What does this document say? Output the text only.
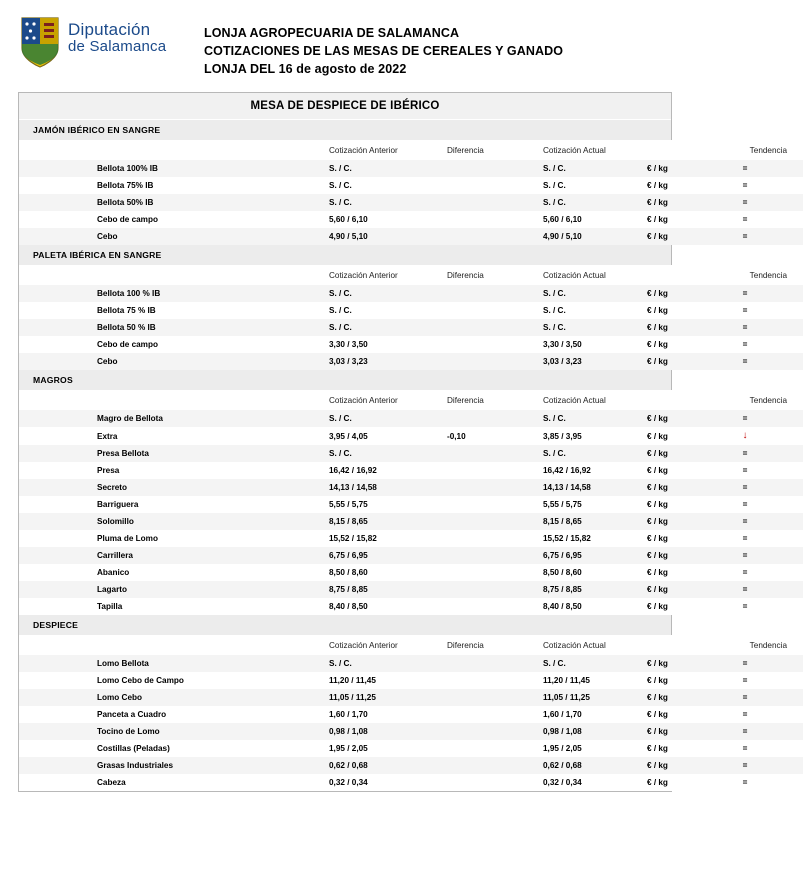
Diputación
de Salamanca
LONJA AGROPECUARIA DE SALAMANCA
COTIZACIONES DE LAS MESAS DE CEREALES Y GANADO
LONJA DEL 16 de agosto de 2022
MESA DE DESPIECE DE IBÉRICO
JAMÓN IBÉRICO EN SANGRE
	Cotización Anterior	Diferencia	Cotización Actual		Tendencia
Bellota 100% IB	S. / C.		S. / C.	€ / kg	=
Bellota 75% IB	S. / C.		S. / C.	€ / kg	=
Bellota 50% IB	S. / C.		S. / C.	€ / kg	=
Cebo de campo	5,60 / 6,10		5,60 / 6,10	€ / kg	=
Cebo	4,90 / 5,10		4,90 / 5,10	€ / kg	=
PALETA IBÉRICA EN SANGRE
	Cotización Anterior	Diferencia	Cotización Actual		Tendencia
Bellota 100 % IB	S. / C.		S. / C.	€ / kg	=
Bellota 75 % IB	S. / C.		S. / C.	€ / kg	=
Bellota 50 % IB	S. / C.		S. / C.	€ / kg	=
Cebo de campo	3,30 / 3,50		3,30 / 3,50	€ / kg	=
Cebo	3,03 / 3,23		3,03 / 3,23	€ / kg	=
MAGROS
	Cotización Anterior	Diferencia	Cotización Actual		Tendencia
Magro de Bellota	S. / C.		S. / C.	€ / kg	=
Extra	3,95 / 4,05	-0,10	3,85 / 3,95	€ / kg	↓
Presa Bellota	S. / C.		S. / C.	€ / kg	=
Presa	16,42 / 16,92		16,42 / 16,92	€ / kg	=
Secreto	14,13 / 14,58		14,13 / 14,58	€ / kg	=
Barriguera	5,55 / 5,75		5,55 / 5,75	€ / kg	=
Solomillo	8,15 / 8,65		8,15 / 8,65	€ / kg	=
Pluma de Lomo	15,52 / 15,82		15,52 / 15,82	€ / kg	=
Carrillera	6,75 / 6,95		6,75 / 6,95	€ / kg	=
Abanico	8,50 / 8,60		8,50 / 8,60	€ / kg	=
Lagarto	8,75 / 8,85		8,75 / 8,85	€ / kg	=
Tapilla	8,40 / 8,50		8,40 / 8,50	€ / kg	=
DESPIECE
	Cotización Anterior	Diferencia	Cotización Actual		Tendencia
Lomo Bellota	S. / C.		S. / C.	€ / kg	=
Lomo Cebo de Campo	11,20 / 11,45		11,20 / 11,45	€ / kg	=
Lomo Cebo	11,05 / 11,25		11,05 / 11,25	€ / kg	=
Panceta a Cuadro	1,60 / 1,70		1,60 / 1,70	€ / kg	=
Tocino de Lomo	0,98 / 1,08		0,98 / 1,08	€ / kg	=
Costillas (Peladas)	1,95 / 2,05		1,95 / 2,05	€ / kg	=
Grasas Industriales	0,62 / 0,68		0,62 / 0,68	€ / kg	=
Cabeza	0,32 / 0,34		0,32 / 0,34	€ / kg	=
